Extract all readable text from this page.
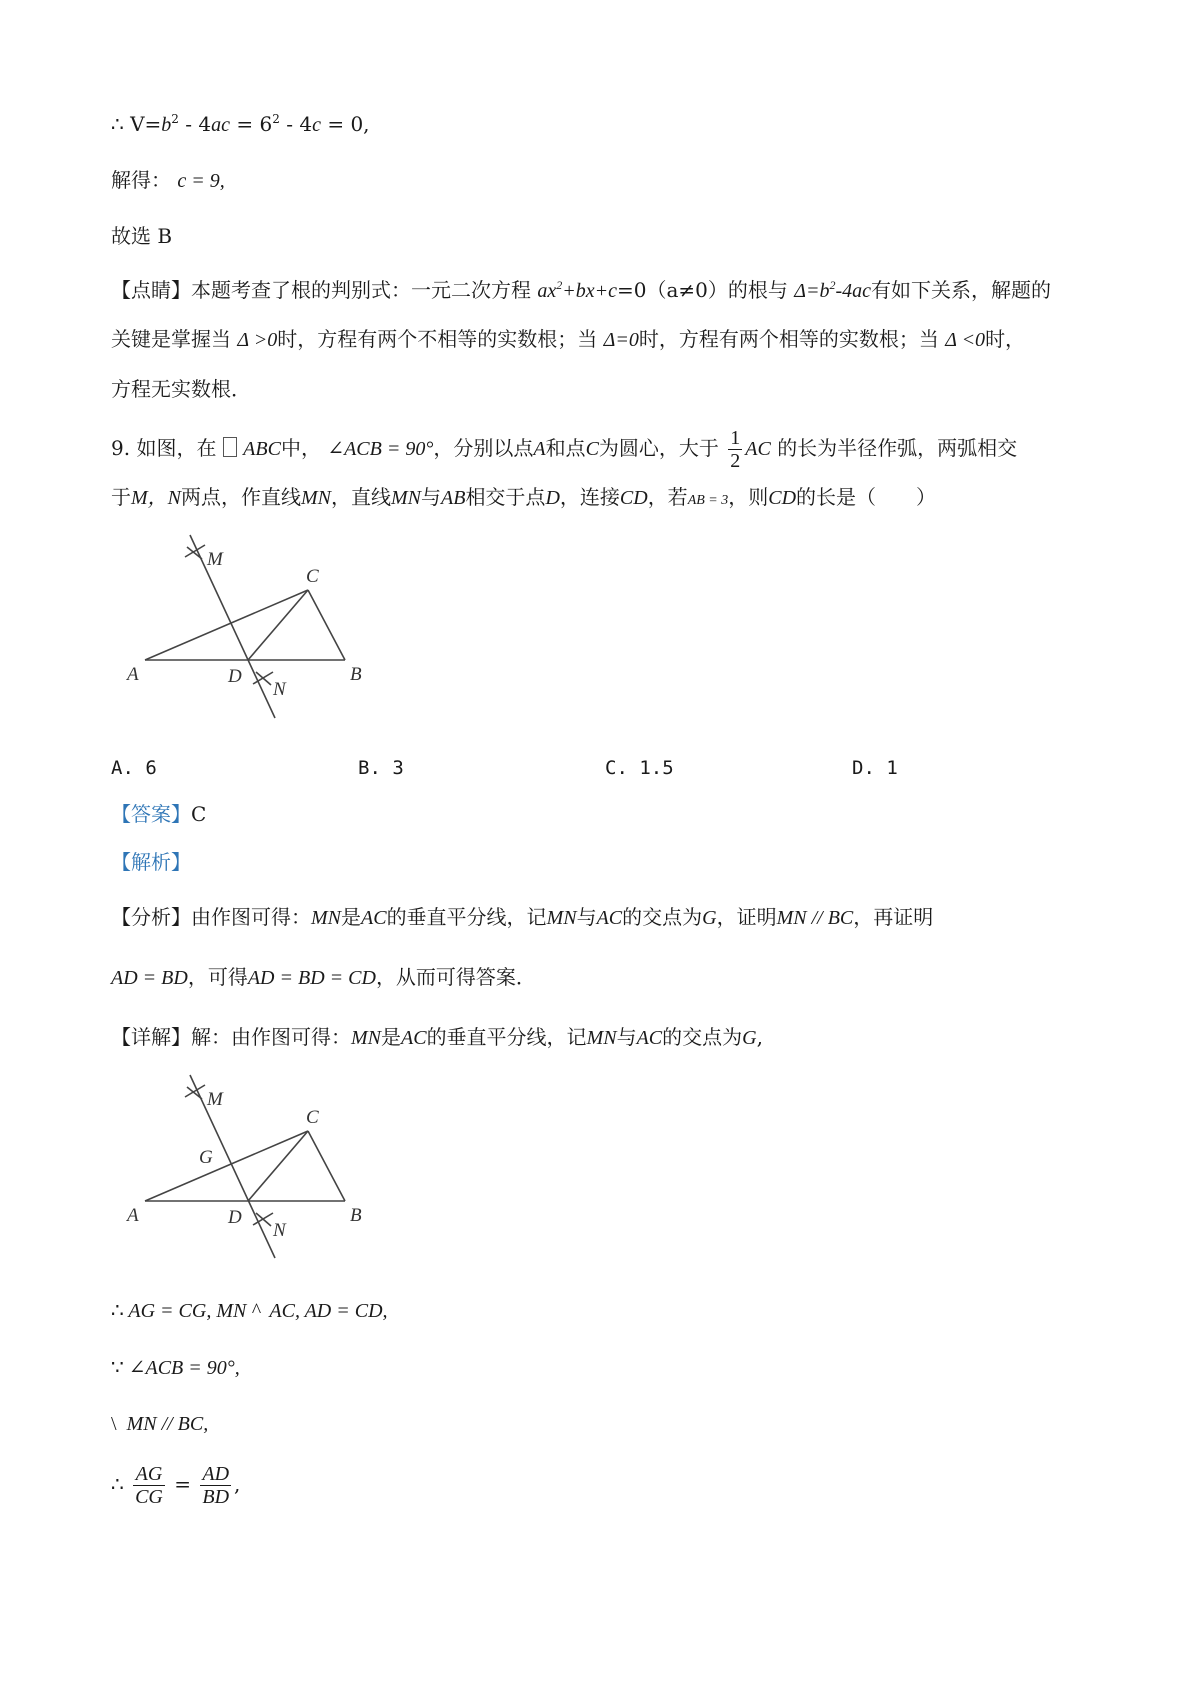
∴ $V=b^2 - 4ac = 6^2 - 4c = 0$,
解得： c = 9,
故选 B
【点睛】本题考查了根的判别式：一元二次方程 $ax^2+bx+c=0(a\ne 0)$的根与 $\Delta=b^2-4ac$有如下关系，解题的
关键是掌握当 Δ >0时，方程有两个不相等的实数根；当 Δ=0时，方程有两个相等的实数根；当 Δ <0时，
方程无实数根．
9. 如图，在 ABC中， ∠ACB = 90°，分别以点A和点C为圆心，大于 $\frac{1}{2}$ AC 的长为半径作弧，两弧相交
于M，N两点，作直线MN，直线MN与AB相交于点D，连接CD，若AB = 3，则CD的长是（　　）
A	B
C
D
M
N
A. 6	B. 3	C. 1.5	D. 1
【答案】C
【解析】
【分析】由作图可得：MN是AC的垂直平分线，记MN与AC的交点为G，证明MN // BC，再证明
AD = BD，可得AD = BD = CD，从而可得答案．
【详解】解：由作图可得：MN是AC的垂直平分线，记MN与AC的交点为G,
A	B
C
D
G
M
N
∴ AG = CG, MN ^  AC, AD = CD,
∵ ∠ACB = 90°,
\  MN // BC,
∴ $\frac{AG}{CG} = \frac{AD}{BD}$ ,
